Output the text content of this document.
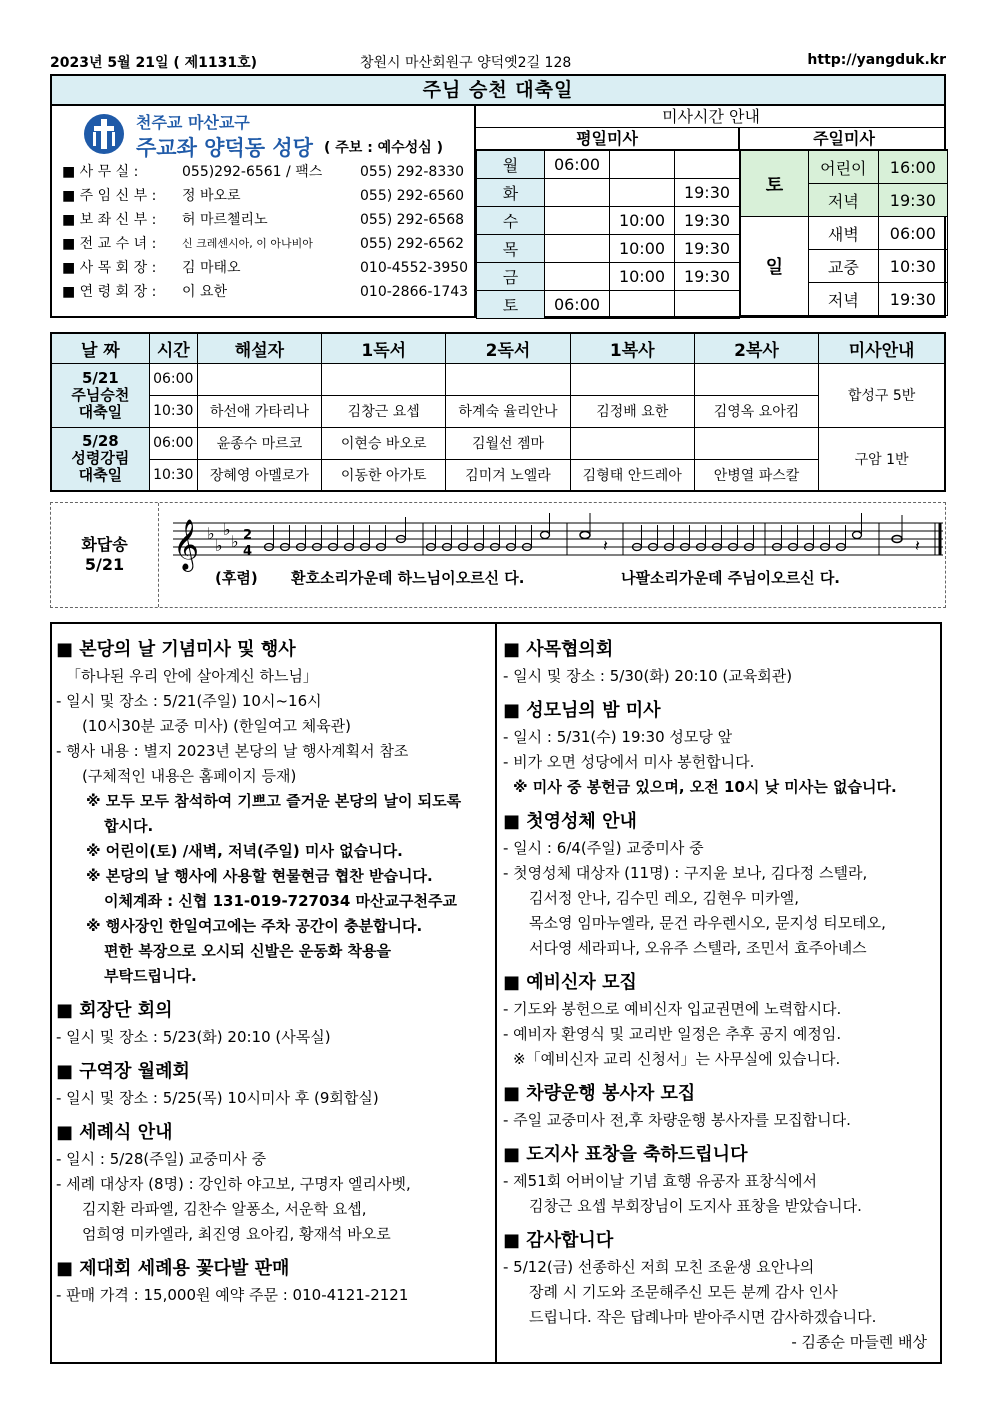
2023년 5월 21일 ( 제1131호)	창원시 마산회원구 양덕옛2길 128	http://yangduk.kr
주님 승천 대축일
천주교 마산교구
주교좌 양덕동 성당 ( 주보 : 예수성심 )
■ 사 무 실 :	055)292-6561 / 팩스	055) 292-8330
■ 주 임 신 부 :	정 바오로	055) 292-6560
■ 보 좌 신 부 :	허 마르첼리노	055) 292-6568
■ 전 교 수 녀 :	신 크레센시아, 이 아나비아	055) 292-6562
■ 사 목 회 장 :	김 마태오	010-4552-3950
■ 연 령 회 장 :	이 요한	010-2866-1743
미사시간 안내
평일미사	주일미사
월	06:00		
화			19:30
수		10:00	19:30
목		10:00	19:30
금		10:00	19:30
토	06:00		
토	어린이	16:00
	저녁	19:30
일	새벽	06:00
	교중	10:30
	저녁	19:30
날 짜	시간	해설자	1독서	2독서	1복사	2복사	미사안내
5/21
주님승천
대축일	06:00						합성구 5반
	10:30	하선애 가타리나	김창근 요셉	하계숙 율리안나	김정배 요한	김영옥 요아킴	
5/28
성령강림
대축일	06:00	윤종수 마르코	이현승 바오로	김월선 젬마			구암 1반
	10:30	장혜영 아멜로가	이동한 아가토	김미겨 노엘라	김형태 안드레아	안병열 파스칼	
화답송
5/21	𝄞 ♭
♭
♭
♭ 2
4	𝄽	𝄽
(후렴) 환호소리가운데 하느님이오르신 다.	나팔소리가운데 주님이오르신 다.
■ 본당의 날 기념미사 및 행사

「하나된 우리 안에 살아계신 하느님」

- 일시 및 장소 : 5/21(주일) 10시~16시

(10시30분 교중 미사) (한일여고 체육관)

- 행사 내용 : 별지 2023년 본당의 날 행사계획서 참조

(구체적인 내용은 홈페이지 등재)

※ 모두 모두 참석하여 기쁘고 즐거운 본당의 날이 되도록

합시다.

※ 어린이(토) /새벽, 저녁(주일) 미사 없습니다.

※ 본당의 날 행사에 사용할 현물현금 협찬 받습니다.

이체계좌 : 신협 131-019-727034 마산교구천주교

※ 행사장인 한일여고에는 주차 공간이 충분합니다.

편한 복장으로 오시되 신발은 운동화 착용을

부탁드립니다.

■ 회장단 회의

- 일시 및 장소 : 5/23(화) 20:10 (사목실)

■ 구역장 월례회

- 일시 및 장소 : 5/25(목) 10시미사 후 (9회합실)

■ 세례식 안내

- 일시 : 5/28(주일) 교중미사 중

- 세례 대상자 (8명) : 강인하 야고보, 구명자 엘리사벳,

김지환 라파엘, 김찬수 알퐁소, 서운학 요셉,

엄희영 미카엘라, 최진영 요아킴, 황재석 바오로

■ 제대회 세례용 꽃다발 판매

- 판매 가격 : 15,000원 예약 주문 : 010-4121-2121

■ 사목협의회

- 일시 및 장소 : 5/30(화) 20:10 (교육회관)

■ 성모님의 밤 미사

- 일시 : 5/31(수) 19:30 성모당 앞

- 비가 오면 성당에서 미사 봉헌합니다.

※ 미사 중 봉헌금 있으며, 오전 10시 낮 미사는 없습니다.

■ 첫영성체 안내

- 일시 : 6/4(주일) 교중미사 중

- 첫영성체 대상자 (11명) : 구지윤 보나, 김다정 스텔라,

김서정 안나, 김수민 레오, 김현우 미카엘,

목소영 임마누엘라, 문건 라우렌시오, 문지성 티모테오,

서다영 세라피나, 오유주 스텔라, 조민서 효주아녜스

■ 예비신자 모집

- 기도와 봉헌으로 예비신자 입교권면에 노력합시다.

- 예비자 환영식 및 교리반 일정은 추후 공지 예정임.

※「예비신자 교리 신청서」는 사무실에 있습니다.

■ 차량운행 봉사자 모집

- 주일 교중미사 전,후 차량운행 봉사자를 모집합니다.

■ 도지사 표창을 축하드립니다

- 제51회 어버이날 기념 효행 유공자 표창식에서

김창근 요셉 부회장님이 도지사 표창을 받았습니다.

■ 감사합니다

- 5/12(금) 선종하신 저희 모친 조윤생 요안나의

장례 시 기도와 조문해주신 모든 분께 감사 인사

드립니다. 작은 답례나마 받아주시면 감사하겠습니다.

- 김종순 마들렌 배상
